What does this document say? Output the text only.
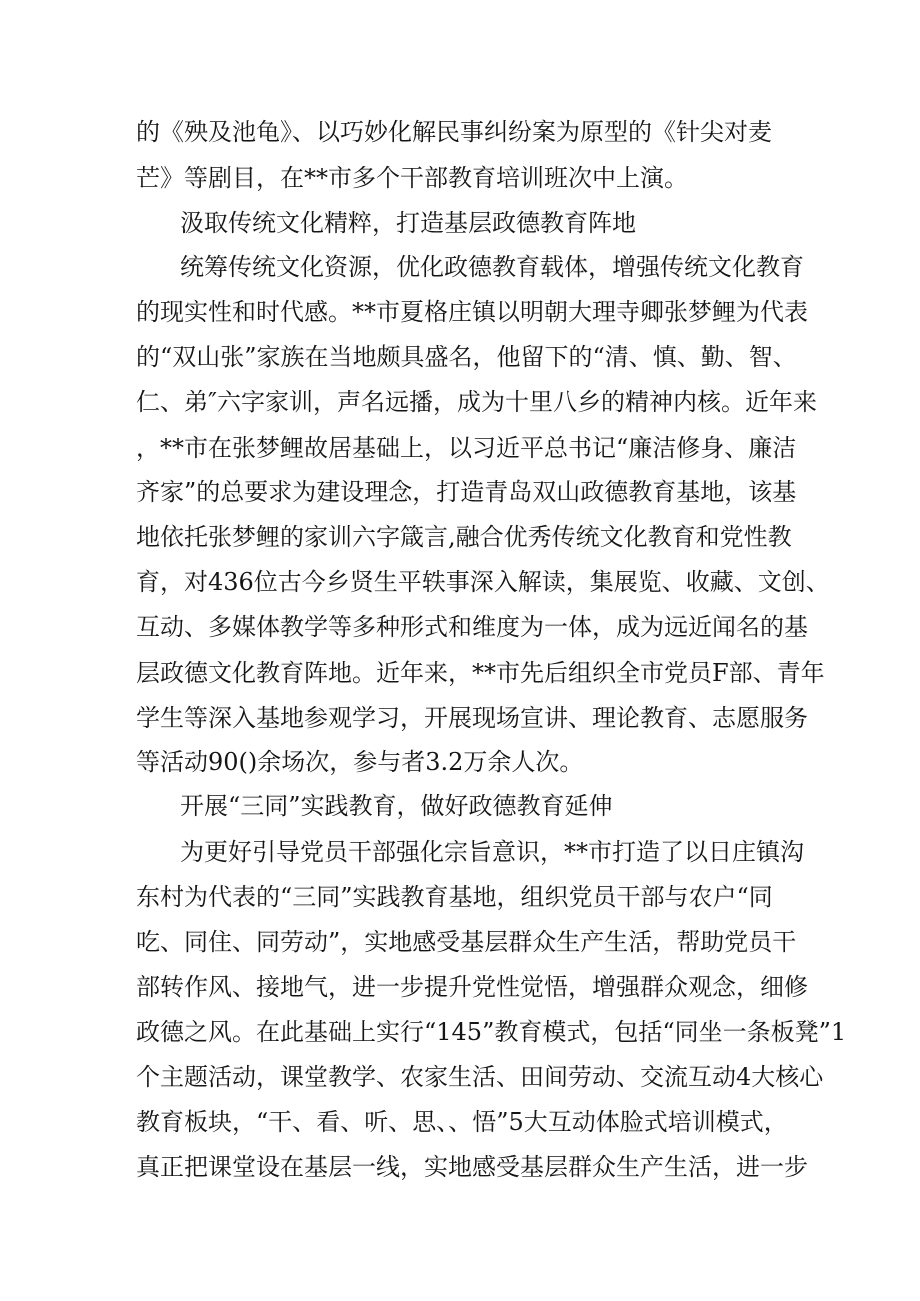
的《殃及池龟》、以巧妙化解民事纠纷案为原型的《针尖对麦
芒》等剧目，在**市多个干部教育培训班次中上演。
汲取传统文化精粹，打造基层政德教育阵地
统筹传统文化资源，优化政德教育载体，增强传统文化教育
的现实性和时代感。**市夏格庄镇以明朝大理寺卿张梦鲤为代表
的“双山张”家族在当地颇具盛名，他留下的“清、慎、勤、智、
仁、弟″六字家训，声名远播，成为十里八乡的精神内核。近年来
，**市在张梦鲤故居基础上，以习近平总书记“廉洁修身、廉洁
齐家”的总要求为建设理念，打造青岛双山政德教育基地，该基
地依托张梦鲤的家训六字箴言,融合优秀传统文化教育和党性教
育，对436位古今乡贤生平轶事深入解读，集展览、收藏、文创、
互动、多媒体教学等多种形式和维度为一体，成为远近闻名的基
层政德文化教育阵地。近年来，**市先后组织全市党员F部、青年
学生等深入基地参观学习，开展现场宣讲、理论教育、志愿服务
等活动90()余场次，参与者3.2万余人次。
开展“三同”实践教育，做好政德教育延伸
为更好引导党员干部强化宗旨意识，**市打造了以日庄镇沟
东村为代表的“三同”实践教育基地，组织党员干部与农户“同
吃、同住、同劳动”，实地感受基层群众生产生活，帮助党员干
部转作风、接地气，进一步提升党性觉悟，增强群众观念，细修
政德之风。在此基础上实行“145”教育模式，包括“同坐一条板凳”1
个主题活动，课堂教学、农家生活、田间劳动、交流互动4大核心
教育板块，“干、看、听、思、、悟”5大互动体脸式培训模式，
真正把课堂设在基层一线，实地感受基层群众生产生活，进一步
